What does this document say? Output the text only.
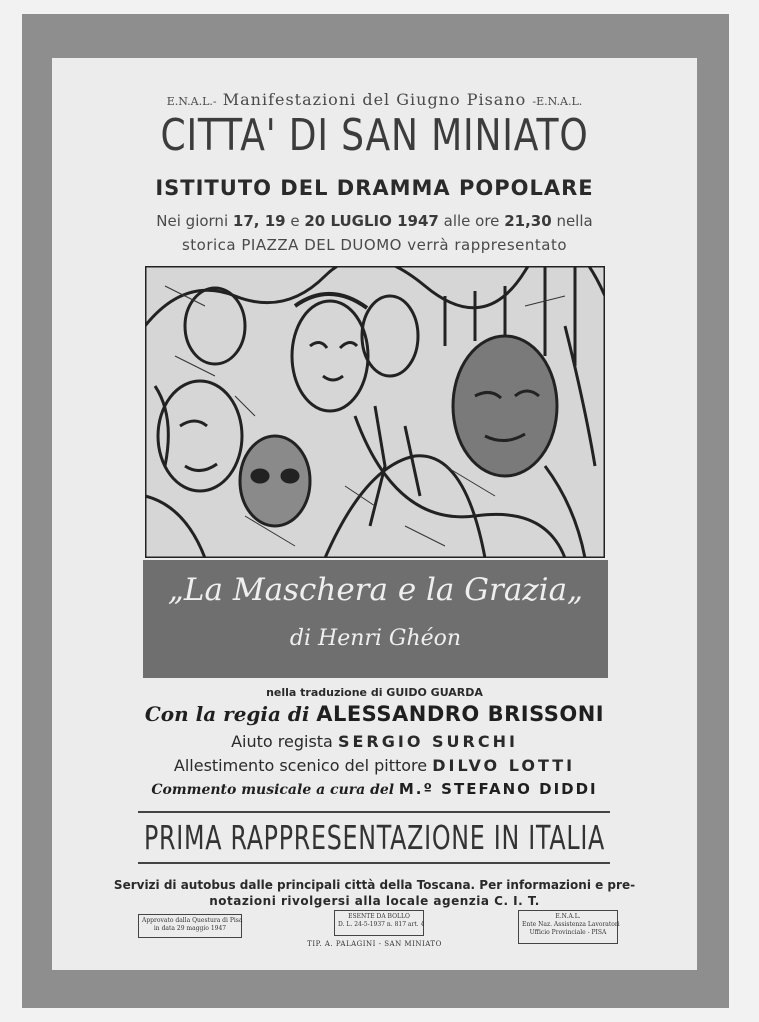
E.N.A.L.- Manifestazioni del Giugno Pisano -E.N.A.L.
CITTA' DI SAN MINIATO
ISTITUTO DEL DRAMMA POPOLARE
Nei giorni 17, 19 e 20 LUGLIO 1947 alle ore 21,30 nella
storica PIAZZA DEL DUOMO verrà rappresentato
„La Maschera e la Grazia„
di Henri Ghéon
nella traduzione di GUIDO GUARDA
Con la regia di ALESSANDRO BRISSONI
Aiuto regista SERGIO SURCHI
Allestimento scenico del pittore DILVO LOTTI
Commento musicale a cura del M.º STEFANO DIDDI
PRIMA RAPPRESENTAZIONE IN ITALIA
Servizi di autobus dalle principali città della Toscana. Per informazioni e pre-
notazioni rivolgersi alla locale agenzia C. I. T.
Approvato dalla Questura di Pisa
in data 29 maggio 1947
ESENTE DA BOLLO
D. L. 24-5-1937 n. 817 art. 4
E.N.A.L.
Ente Naz. Assistenza Lavoratori
Ufficio Provinciale - PISA
TIP. A. PALAGINI - SAN MINIATO
